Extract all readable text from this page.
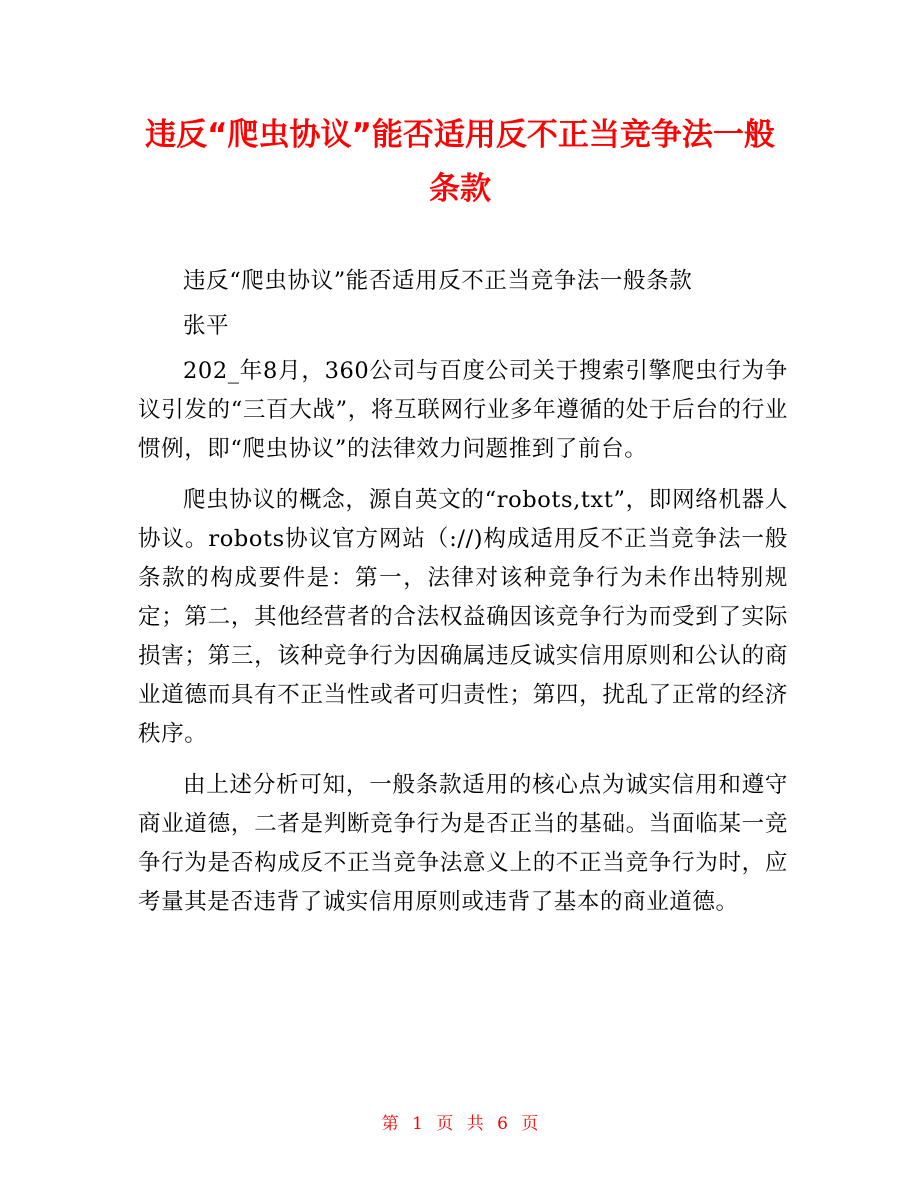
违反“爬虫协议”能否适用反不正当竞争法一般条款

违反“爬虫协议”能否适用反不正当竞争法一般条款

张平

202_年8月，360公司与百度公司关于搜索引擎爬虫行为争议引发的“三百大战”，将互联网行业多年遵循的处于后台的行业惯例，即“爬虫协议”的法律效力问题推到了前台。

爬虫协议的概念，源自英文的“robots,txt”，即网络机器人协议。robots协议官方网站（://)构成适用反不正当竞争法一般条款的构成要件是：第一，法律对该种竞争行为未作出特别规定；第二，其他经营者的合法权益确因该竞争行为而受到了实际损害；第三，该种竞争行为因确属违反诚实信用原则和公认的商业道德而具有不正当性或者可归责性；第四，扰乱了正常的经济秩序。

由上述分析可知，一般条款适用的核心点为诚实信用和遵守商业道德，二者是判断竞争行为是否正当的基础。当面临某一竞争行为是否构成反不正当竞争法意义上的不正当竞争行为时，应考量其是否违背了诚实信用原则或违背了基本的商业道德。

第 1 页 共 6 页
